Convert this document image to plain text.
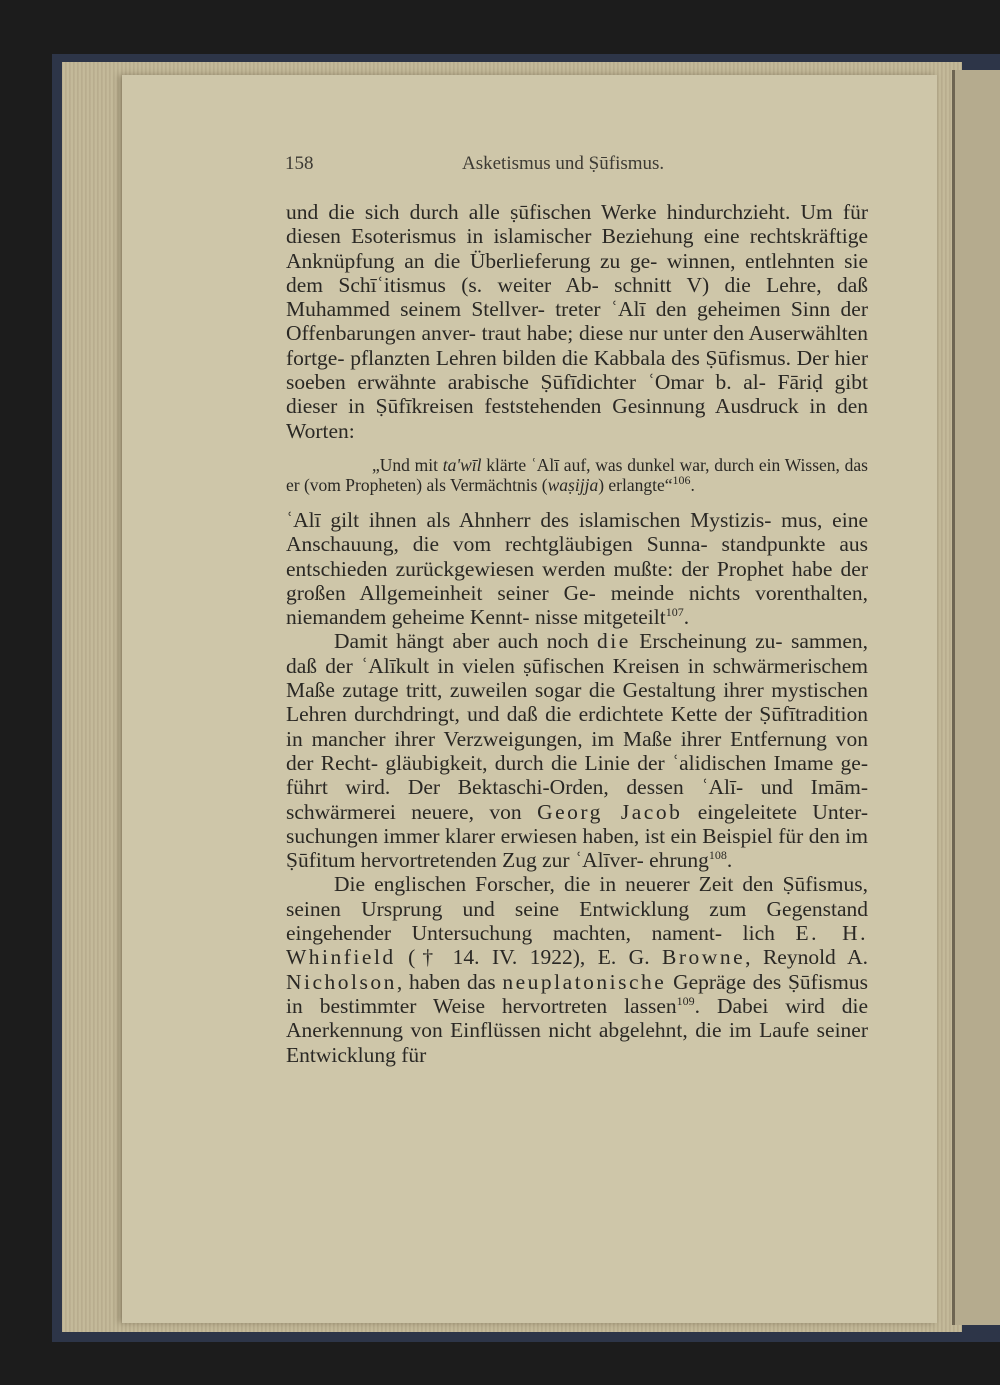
158	Asketismus und Ṣūfismus.

und die sich durch alle ṣūfischen Werke hindurchzieht. Um für diesen Esoterismus in islamischer Beziehung eine rechtskräftige Anknüpfung an die Überlieferung zu ge- winnen, entlehnten sie dem Schīʿitismus (s. weiter Ab- schnitt V) die Lehre, daß Muhammed seinem Stellver- treter ʿAlī den geheimen Sinn der Offenbarungen anver- traut habe; diese nur unter den Auserwählten fortge- pflanzten Lehren bilden die Kabbala des Ṣūfismus. Der hier soeben erwähnte arabische Ṣūfīdichter ʿOmar b. al- Fāriḍ gibt dieser in Ṣūfīkreisen feststehenden Gesinnung Ausdruck in den Worten:

„Und mit ta'wīl klärte ʿAlī auf, was dunkel war, durch ein Wissen, das er (vom Propheten) als Vermächtnis (waṣijja) erlangte“$^{106}$.

ʿAlī gilt ihnen als Ahnherr des islamischen Mystizis- mus, eine Anschauung, die vom rechtgläubigen Sunna- standpunkte aus entschieden zurückgewiesen werden mußte: der Prophet habe der großen Allgemeinheit seiner Ge- meinde nichts vorenthalten, niemandem geheime Kennt- nisse mitgeteilt$^{107}$.

Damit hängt aber auch noch die Erscheinung zu- sammen, daß der ʿAlīkult in vielen ṣūfischen Kreisen in schwärmerischem Maße zutage tritt, zuweilen sogar die Gestaltung ihrer mystischen Lehren durchdringt, und daß die erdichtete Kette der Ṣūfītradition in mancher ihrer Verzweigungen, im Maße ihrer Entfernung von der Recht- gläubigkeit, durch die Linie der ʿalidischen Imame ge- führt wird. Der Bektaschi-Orden, dessen ʿAlī- und Imām- schwärmerei neuere, von Georg Jacob eingeleitete Unter- suchungen immer klarer erwiesen haben, ist ein Beispiel für den im Ṣūfitum hervortretenden Zug zur ʿAlīver- ehrung$^{108}$.

Die englischen Forscher, die in neuerer Zeit den Ṣūfismus, seinen Ursprung und seine Entwicklung zum Gegenstand eingehender Untersuchung machten, nament- lich E. H. Whinfield († 14. IV. 1922), E. G. Browne, Reynold A. Nicholson, haben das neuplatonische Gepräge des Ṣūfismus in bestimmter Weise hervortreten lassen$^{109}$. Dabei wird die Anerkennung von Einflüssen nicht abgelehnt, die im Laufe seiner Entwicklung für
